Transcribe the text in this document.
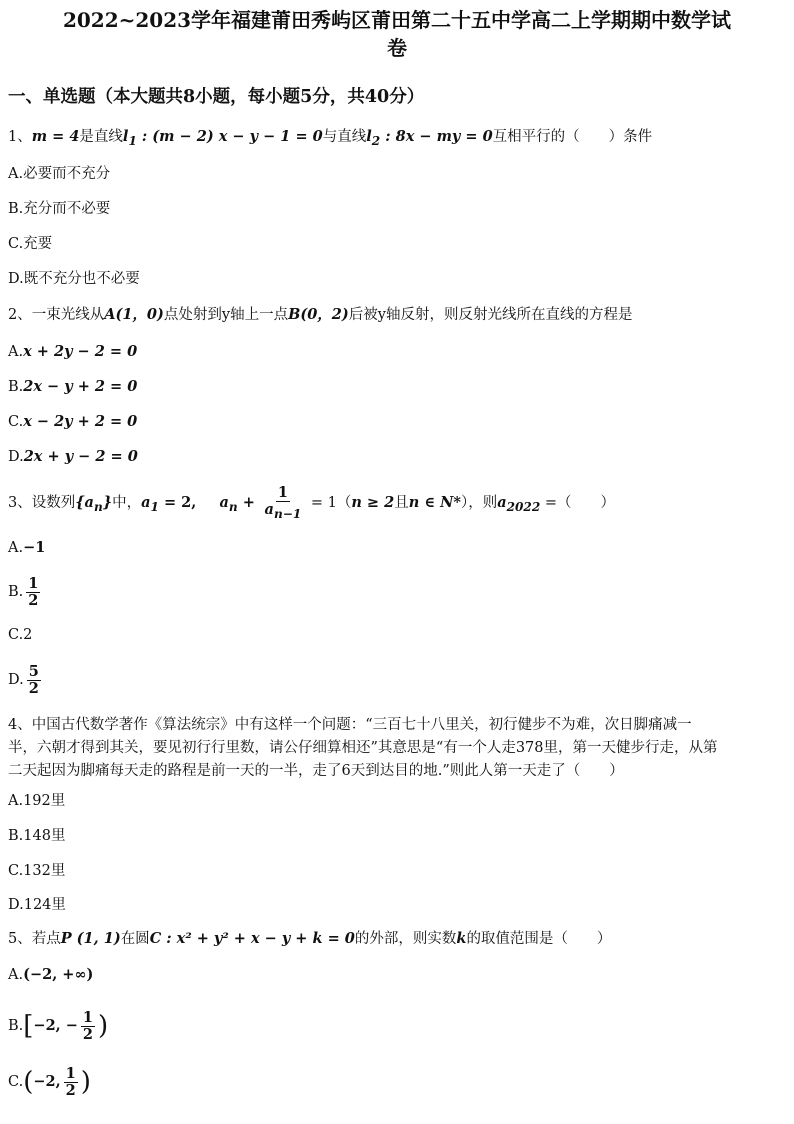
2022~2023学年福建莆田秀屿区莆田第二十五中学高二上学期期中数学试
卷
一、单选题（本大题共8小题，每小题5分，共40分）
1、m = 4是直线$l_1$ : (m − 2) x − y − 1 = 0与直线$l_2$ : 8x − my = 0互相平行的（　　）条件
A.必要而不充分
B.充分而不必要
C.充要
D.既不充分也不必要
2、一束光线从A(1，0)点处射到y轴上一点B(0，2)后被y轴反射，则反射光线所在直线的方程是
A.x + 2y − 2 = 0
B.2x − y + 2 = 0
C.x − 2y + 2 = 0
D.2x + y − 2 = 0
3、设数列$\{a_n\}$中，$a_1 = 2$, $a_n + \frac{1}{a_{n-1}} = 1(n \ge 2$且n ∈ N*），则$a_{2022}$ =（　　）
A.−1
B. $\frac{1}{2}$
C.2
D. $\frac{5}{2}$
4、中国古代数学著作《算法统宗》中有这样一个问题：“三百七十八里关，初行健步不为难，次日脚痛减一
半，六朝才得到其关，要见初行行里数，请公仔细算相还”其意思是“有一个人走378里，第一天健步行走，从第
二天起因为脚痛每天走的路程是前一天的一半，走了6天到达目的地.”则此人第一天走了（　　）
A.192里
B.148里
C.132里
D.124里
5、若点P (1, 1)在圆C : x² + y² + x − y + k = 0的外部，则实数k的取值范围是（　　）
A.(−2, +∞)
B.[−2, − $\frac{1}{2}$ )
C.(−2, $\frac{1}{2}$ )
